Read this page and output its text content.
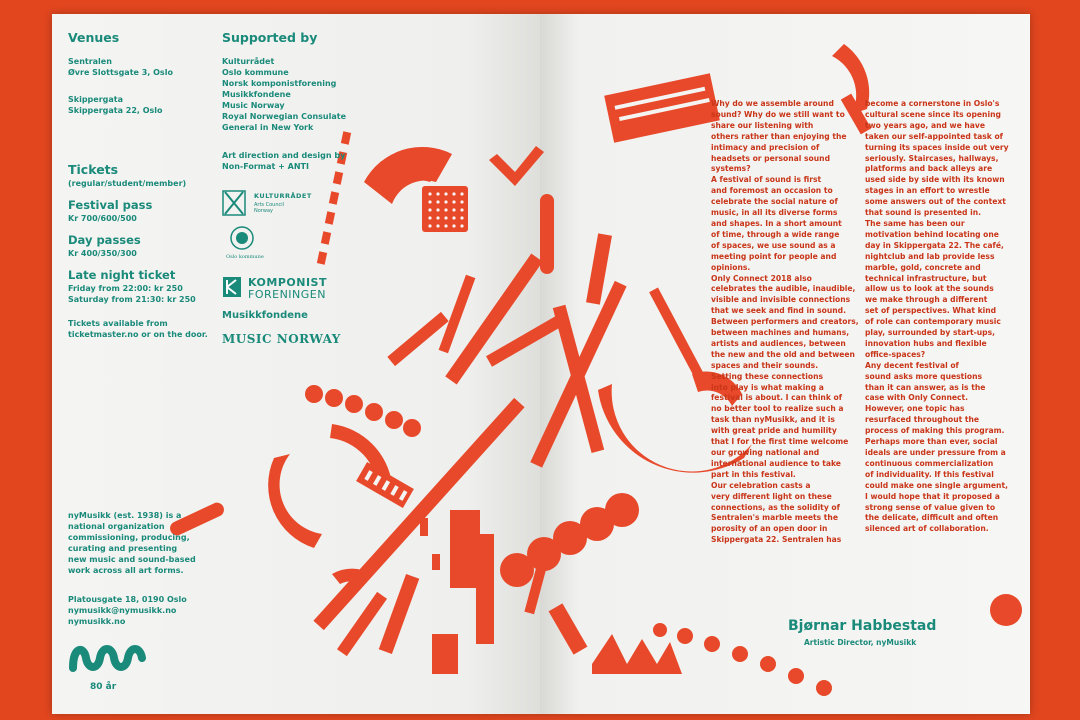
Venues
Sentralen
Øvre Slottsgate 3, Oslo
Skippergata
Skippergata 22, Oslo
Supported by
Kulturrådet
Oslo kommune
Norsk komponistforening
Musikkfondene
Music Norway
Royal Norwegian Consulate
General in New York
Art direction and design by
Non-Format + ANTI
KULTURRÅDET
Arts Council
Norway
Oslo kommune
KOMPONIST
FORENINGEN
Musikkfondene
MUSIC NORWAY
Tickets
(regular/student/member)
Festival pass
Kr 700/600/500
Day passes
Kr 400/350/300
Late night ticket
Friday from 22:00: kr 250
Saturday from 21:30: kr 250
Tickets available from
ticketmaster.no or on the door.
nyMusikk (est. 1938) is a
national organization
commissioning, producing,
curating and presenting
new music and sound-based
work across all art forms.
Platousgate 18, 0190 Oslo
nymusikk@nymusikk.no
nymusikk.no
80 år
Why do we assemble around
sound? Why do we still want to
share our listening with
others rather than enjoying the
intimacy and precision of
headsets or personal sound
systems?
A festival of sound is first
and foremost an occasion to
celebrate the social nature of
music, in all its diverse forms
and shapes. In a short amount
of time, through a wide range
of spaces, we use sound as a
meeting point for people and
opinions.
Only Connect 2018 also
celebrates the audible, inaudible,
visible and invisible connections
that we seek and find in sound.
Between performers and creators,
between machines and humans,
artists and audiences, between
the new and the old and between
spaces and their sounds.
Setting these connections
into play is what making a
festival is about. I can think of
no better tool to realize such a
task than nyMusikk, and it is
with great pride and humility
that I for the first time welcome
our growing national and
international audience to take
part in this festival.
Our celebration casts a
very different light on these
connections, as the solidity of
Sentralen's marble meets the
porosity of an open door in
Skippergata 22. Sentralen has
become a cornerstone in Oslo's
cultural scene since its opening
two years ago, and we have
taken our self-appointed task of
turning its spaces inside out very
seriously. Staircases, hallways,
platforms and back alleys are
used side by side with its known
stages in an effort to wrestle
some answers out of the context
that sound is presented in.
The same has been our
motivation behind locating one
day in Skippergata 22. The café,
nightclub and lab provide less
marble, gold, concrete and
technical infrastructure, but
allow us to look at the sounds
we make through a different
set of perspectives. What kind
of role can contemporary music
play, surrounded by start-ups,
innovation hubs and flexible
office-spaces?
Any decent festival of
sound asks more questions
than it can answer, as is the
case with Only Connect.
However, one topic has
resurfaced throughout the
process of making this program.
Perhaps more than ever, social
ideals are under pressure from a
continuous commercialization
of individuality. If this festival
could make one single argument,
I would hope that it proposed a
strong sense of value given to
the delicate, difficult and often
silenced art of collaboration.
Bjørnar Habbestad
Artistic Director, nyMusikk
